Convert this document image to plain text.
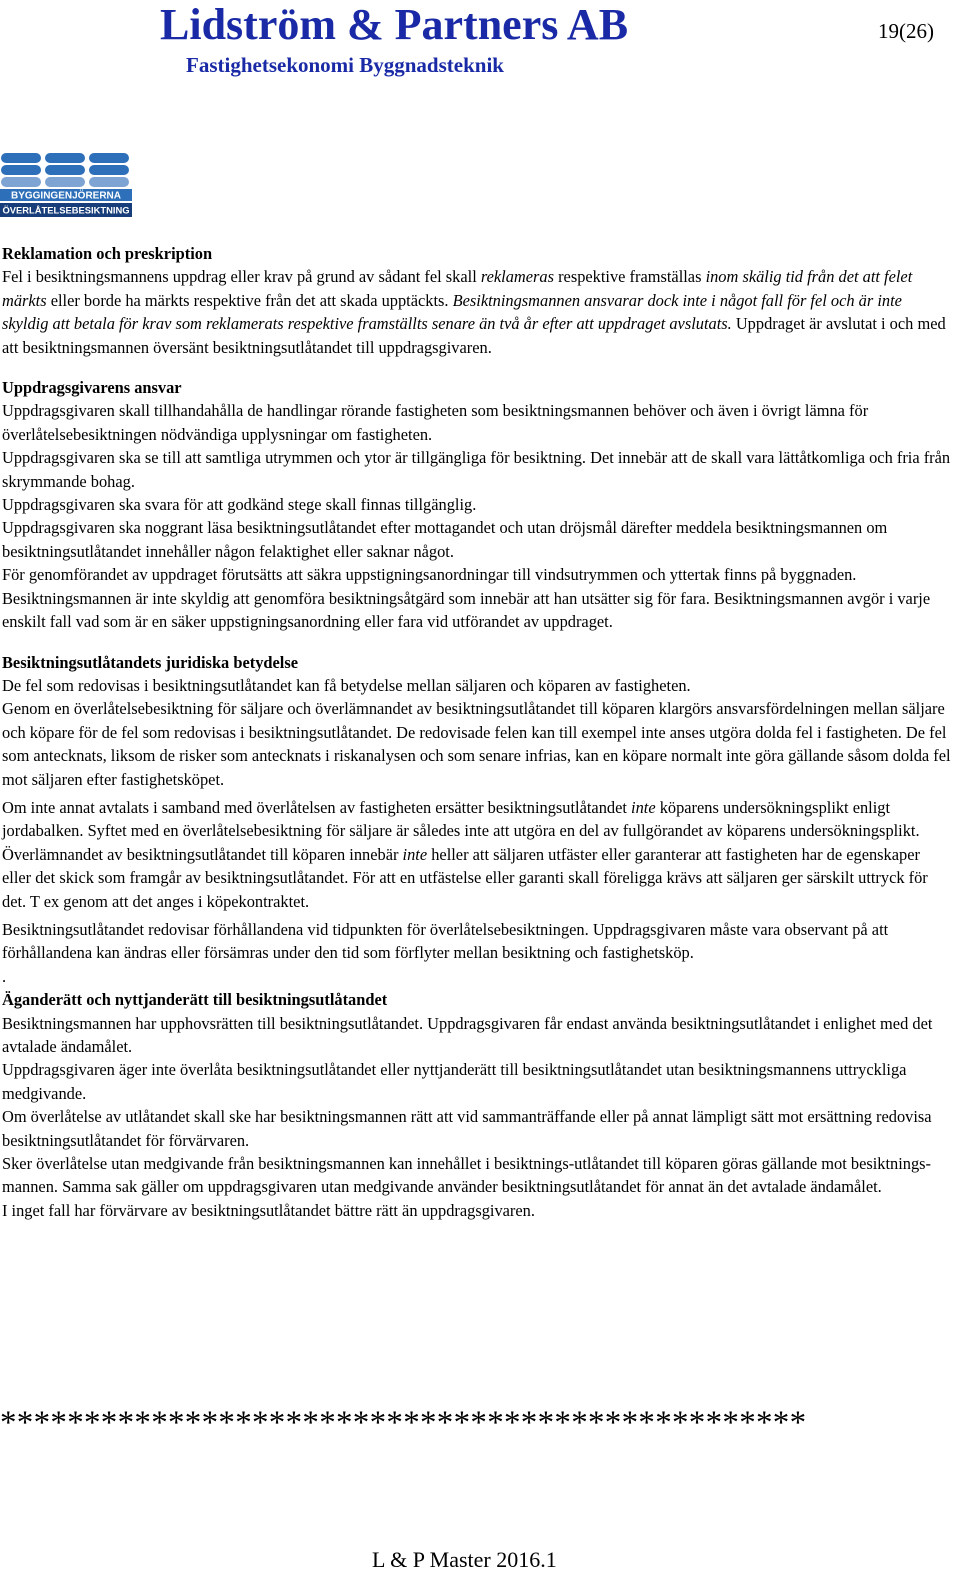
Lidström & Partners AB
Fastighetsekonomi Byggnadsteknik
19(26)
BYGGINGENJÖRERNA
ÖVERLÅTELSEBESIKTNING
Reklamation och preskription

Fel i besiktningsmannens uppdrag eller krav på grund av sådant fel skall reklameras respektive framställas inom skälig tid från det att felet märkts eller borde ha märkts respektive från det att skada upptäckts. Besiktningsmannen ansvarar dock inte i något fall för fel och är inte skyldig att betala för krav som reklamerats respektive framställts senare än två år efter att uppdraget avslutats. Uppdraget är avslutat i och med att besiktningsmannen översänt besiktningsutlåtandet till uppdragsgivaren.

Uppdragsgivarens ansvar

Uppdragsgivaren skall tillhandahålla de handlingar rörande fastigheten som besiktningsmannen behöver och även i övrigt lämna för överlåtelsebesiktningen nödvändiga upplysningar om fastigheten.

Uppdragsgivaren ska se till att samtliga utrymmen och ytor är tillgängliga för besiktning. Det innebär att de skall vara lättåtkomliga och fria från skrymmande bohag.

Uppdragsgivaren ska svara för att godkänd stege skall finnas tillgänglig.

Uppdragsgivaren ska noggrant läsa besiktningsutlåtandet efter mottagandet och utan dröjsmål därefter meddela besiktningsmannen om besiktningsutlåtandet innehåller någon felaktighet eller saknar något.

För genomförandet av uppdraget förutsätts att säkra uppstigningsanordningar till vindsutrymmen och yttertak finns på byggnaden. Besiktningsmannen är inte skyldig att genomföra besiktningsåtgärd som innebär att han utsätter sig för fara. Besiktningsmannen avgör i varje enskilt fall vad som är en säker uppstigningsanordning eller fara vid utförandet av uppdraget.

Besiktningsutlåtandets juridiska betydelse

De fel som redovisas i besiktningsutlåtandet kan få betydelse mellan säljaren och köparen av fastigheten.

Genom en överlåtelsebesiktning för säljare och överlämnandet av besiktningsutlåtandet till köparen klargörs ansvarsfördelningen mellan säljare och köpare för de fel som redovisas i besiktningsutlåtandet. De redovisade felen kan till exempel inte anses utgöra dolda fel i fastigheten. De fel som antecknats, liksom de risker som antecknats i riskanalysen och som senare infrias, kan en köpare normalt inte göra gällande såsom dolda fel mot säljaren efter fastighetsköpet.

Om inte annat avtalats i samband med överlåtelsen av fastigheten ersätter besiktningsutlåtandet inte köparens undersökningsplikt enligt jordabalken. Syftet med en överlåtelsebesiktning för säljare är således inte att utgöra en del av fullgörandet av köparens undersökningsplikt.

Överlämnandet av besiktningsutlåtandet till köparen innebär inte heller att säljaren utfäster eller garanterar att fastigheten har de egenskaper eller det skick som framgår av besiktningsutlåtandet. För att en utfästelse eller garanti skall föreligga krävs att säljaren ger särskilt uttryck för det. T ex genom att det anges i köpekontraktet.

Besiktningsutlåtandet redovisar förhållandena vid tidpunkten för överlåtelsebesiktningen. Uppdragsgivaren måste vara observant på att förhållandena kan ändras eller försämras under den tid som förflyter mellan besiktning och fastighetsköp.

.

Äganderätt och nyttjanderätt till besiktningsutlåtandet

Besiktningsmannen har upphovsrätten till besiktningsutlåtandet. Uppdragsgivaren får endast använda besiktningsutlåtandet i enlighet med det avtalade ändamålet.

Uppdragsgivaren äger inte överlåta besiktningsutlåtandet eller nyttjanderätt till besiktningsutlåtandet utan besiktningsmannens uttryckliga medgivande.

Om överlåtelse av utlåtandet skall ske har besiktningsmannen rätt att vid sammanträffande eller på annat lämpligt sätt mot ersättning redovisa besiktningsutlåtandet för förvärvaren.

Sker överlåtelse utan medgivande från besiktningsmannen kan innehållet i besiktnings-utlåtandet till köparen göras gällande mot besiktnings-mannen. Samma sak gäller om uppdragsgivaren utan medgivande använder besiktningsutlåtandet för annat än det avtalade ändamålet.

I inget fall har förvärvare av besiktningsutlåtandet bättre rätt än uppdragsgivaren.

************************************************
L & P Master 2016.1
